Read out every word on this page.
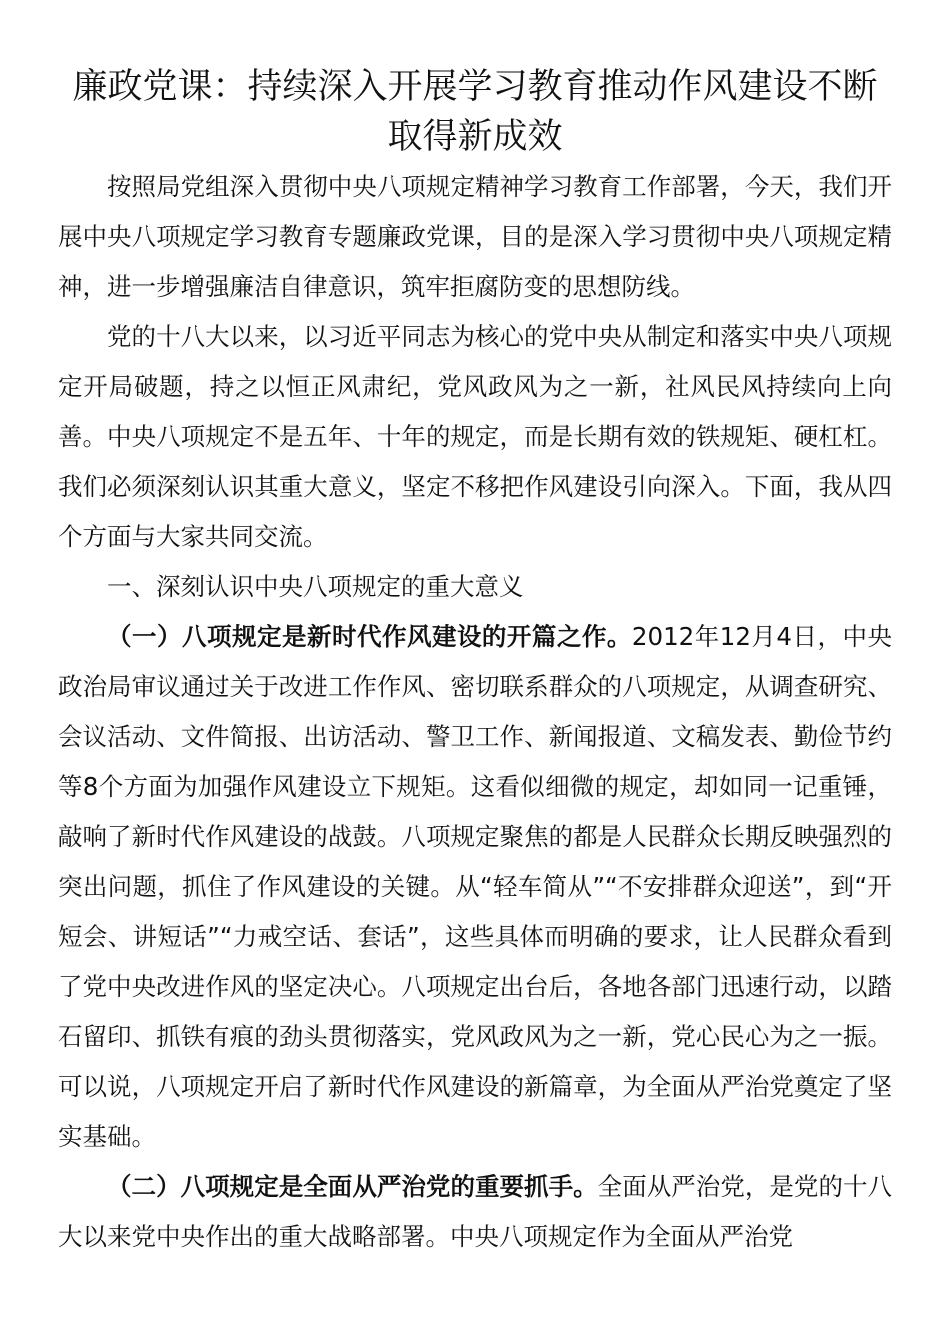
廉政党课：持续深入开展学习教育推动作风建设不断取得新成效

按照局党组深入贯彻中央八项规定精神学习教育工作部署，今天，我们开展中央八项规定学习教育专题廉政党课，目的是深入学习贯彻中央八项规定精神，进一步增强廉洁自律意识，筑牢拒腐防变的思想防线。

党的十八大以来，以习近平同志为核心的党中央从制定和落实中央八项规定开局破题，持之以恒正风肃纪，党风政风为之一新，社风民风持续向上向善。中央八项规定不是五年、十年的规定，而是长期有效的铁规矩、硬杠杠。我们必须深刻认识其重大意义，坚定不移把作风建设引向深入。下面，我从四个方面与大家共同交流。

一、深刻认识中央八项规定的重大意义

（一）八项规定是新时代作风建设的开篇之作。2012年12月4日，中央政治局审议通过关于改进工作作风、密切联系群众的八项规定，从调查研究、会议活动、文件简报、出访活动、警卫工作、新闻报道、文稿发表、勤俭节约等8个方面为加强作风建设立下规矩。这看似细微的规定，却如同一记重锤，敲响了新时代作风建设的战鼓。八项规定聚焦的都是人民群众长期反映强烈的突出问题，抓住了作风建设的关键。从“轻车简从”“不安排群众迎送”，到“开短会、讲短话”“力戒空话、套话”，这些具体而明确的要求，让人民群众看到了党中央改进作风的坚定决心。八项规定出台后，各地各部门迅速行动，以踏石留印、抓铁有痕的劲头贯彻落实，党风政风为之一新，党心民心为之一振。可以说，八项规定开启了新时代作风建设的新篇章，为全面从严治党奠定了坚实基础。

（二）八项规定是全面从严治党的重要抓手。全面从严治党，是党的十八大以来党中央作出的重大战略部署。中央八项规定作为全面从严治党
